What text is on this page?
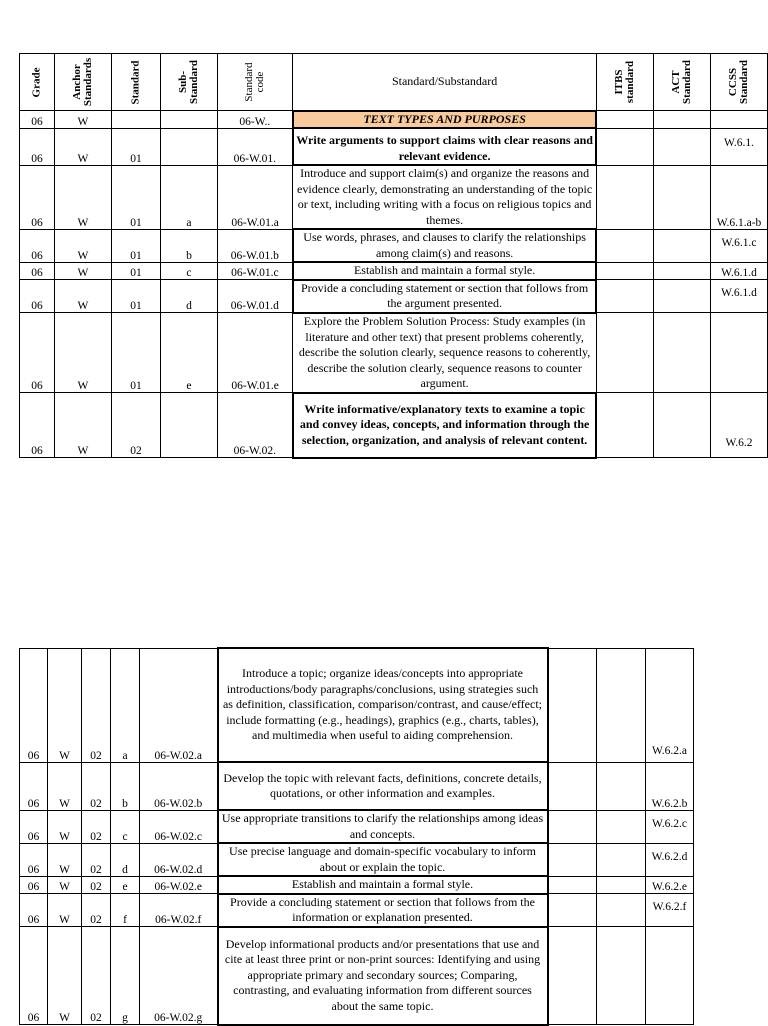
Grade	Anchor Standards	Standard	Sub-Standard	Standard code	Standard/Substandard	ITBS standard	ACT Standard	CCSS Standard
06	W			06-W..	TEXT TYPES AND PURPOSES			
06	W	01		06-W.01.	Write arguments to support claims with clear reasons and relevant evidence.			W.6.1.
06	W	01	a	06-W.01.a	Introduce and support claim(s) and organize the reasons and evidence clearly, demonstrating an understanding of the topic or text, including writing with a focus on religious topics and themes.			W.6.1.a-b
06	W	01	b	06-W.01.b	Use words, phrases, and clauses to clarify the relationships among claim(s) and reasons.			W.6.1.c
06	W	01	c	06-W.01.c	Establish and maintain a formal style.			W.6.1.d
06	W	01	d	06-W.01.d	Provide a concluding statement or section that follows from the argument presented.			W.6.1.d
06	W	01	e	06-W.01.e	Explore the Problem Solution Process: Study examples (in literature and other text) that present problems coherently, describe the solution clearly, sequence reasons to coherently, describe the solution clearly, sequence reasons to counter argument.			
06	W	02		06-W.02.	Write informative/explanatory texts to examine a topic and convey ideas, concepts, and information through the selection, organization, and analysis of relevant content.			W.6.2
06	W	02	a	06-W.02.a	Introduce a topic; organize ideas/concepts into appropriate introductions/body paragraphs/conclusions, using strategies such as definition, classification, comparison/contrast, and cause/effect; include formatting (e.g., headings), graphics (e.g., charts, tables), and multimedia when useful to aiding comprehension.			W.6.2.a
06	W	02	b	06-W.02.b	Develop the topic with relevant facts, definitions, concrete details, quotations, or other information and examples.			W.6.2.b
06	W	02	c	06-W.02.c	Use appropriate transitions to clarify the relationships among ideas and concepts.			W.6.2.c
06	W	02	d	06-W.02.d	Use precise language and domain-specific vocabulary to inform about or explain the topic.			W.6.2.d
06	W	02	e	06-W.02.e	Establish and maintain a formal style.			W.6.2.e
06	W	02	f	06-W.02.f	Provide a concluding statement or section that follows from the information or explanation presented.			W.6.2.f
06	W	02	g	06-W.02.g	Develop informational products and/or presentations that use and cite at least three print or non-print sources: Identifying and using appropriate primary and secondary sources; Comparing, contrasting, and evaluating information from different sources about the same topic.			
